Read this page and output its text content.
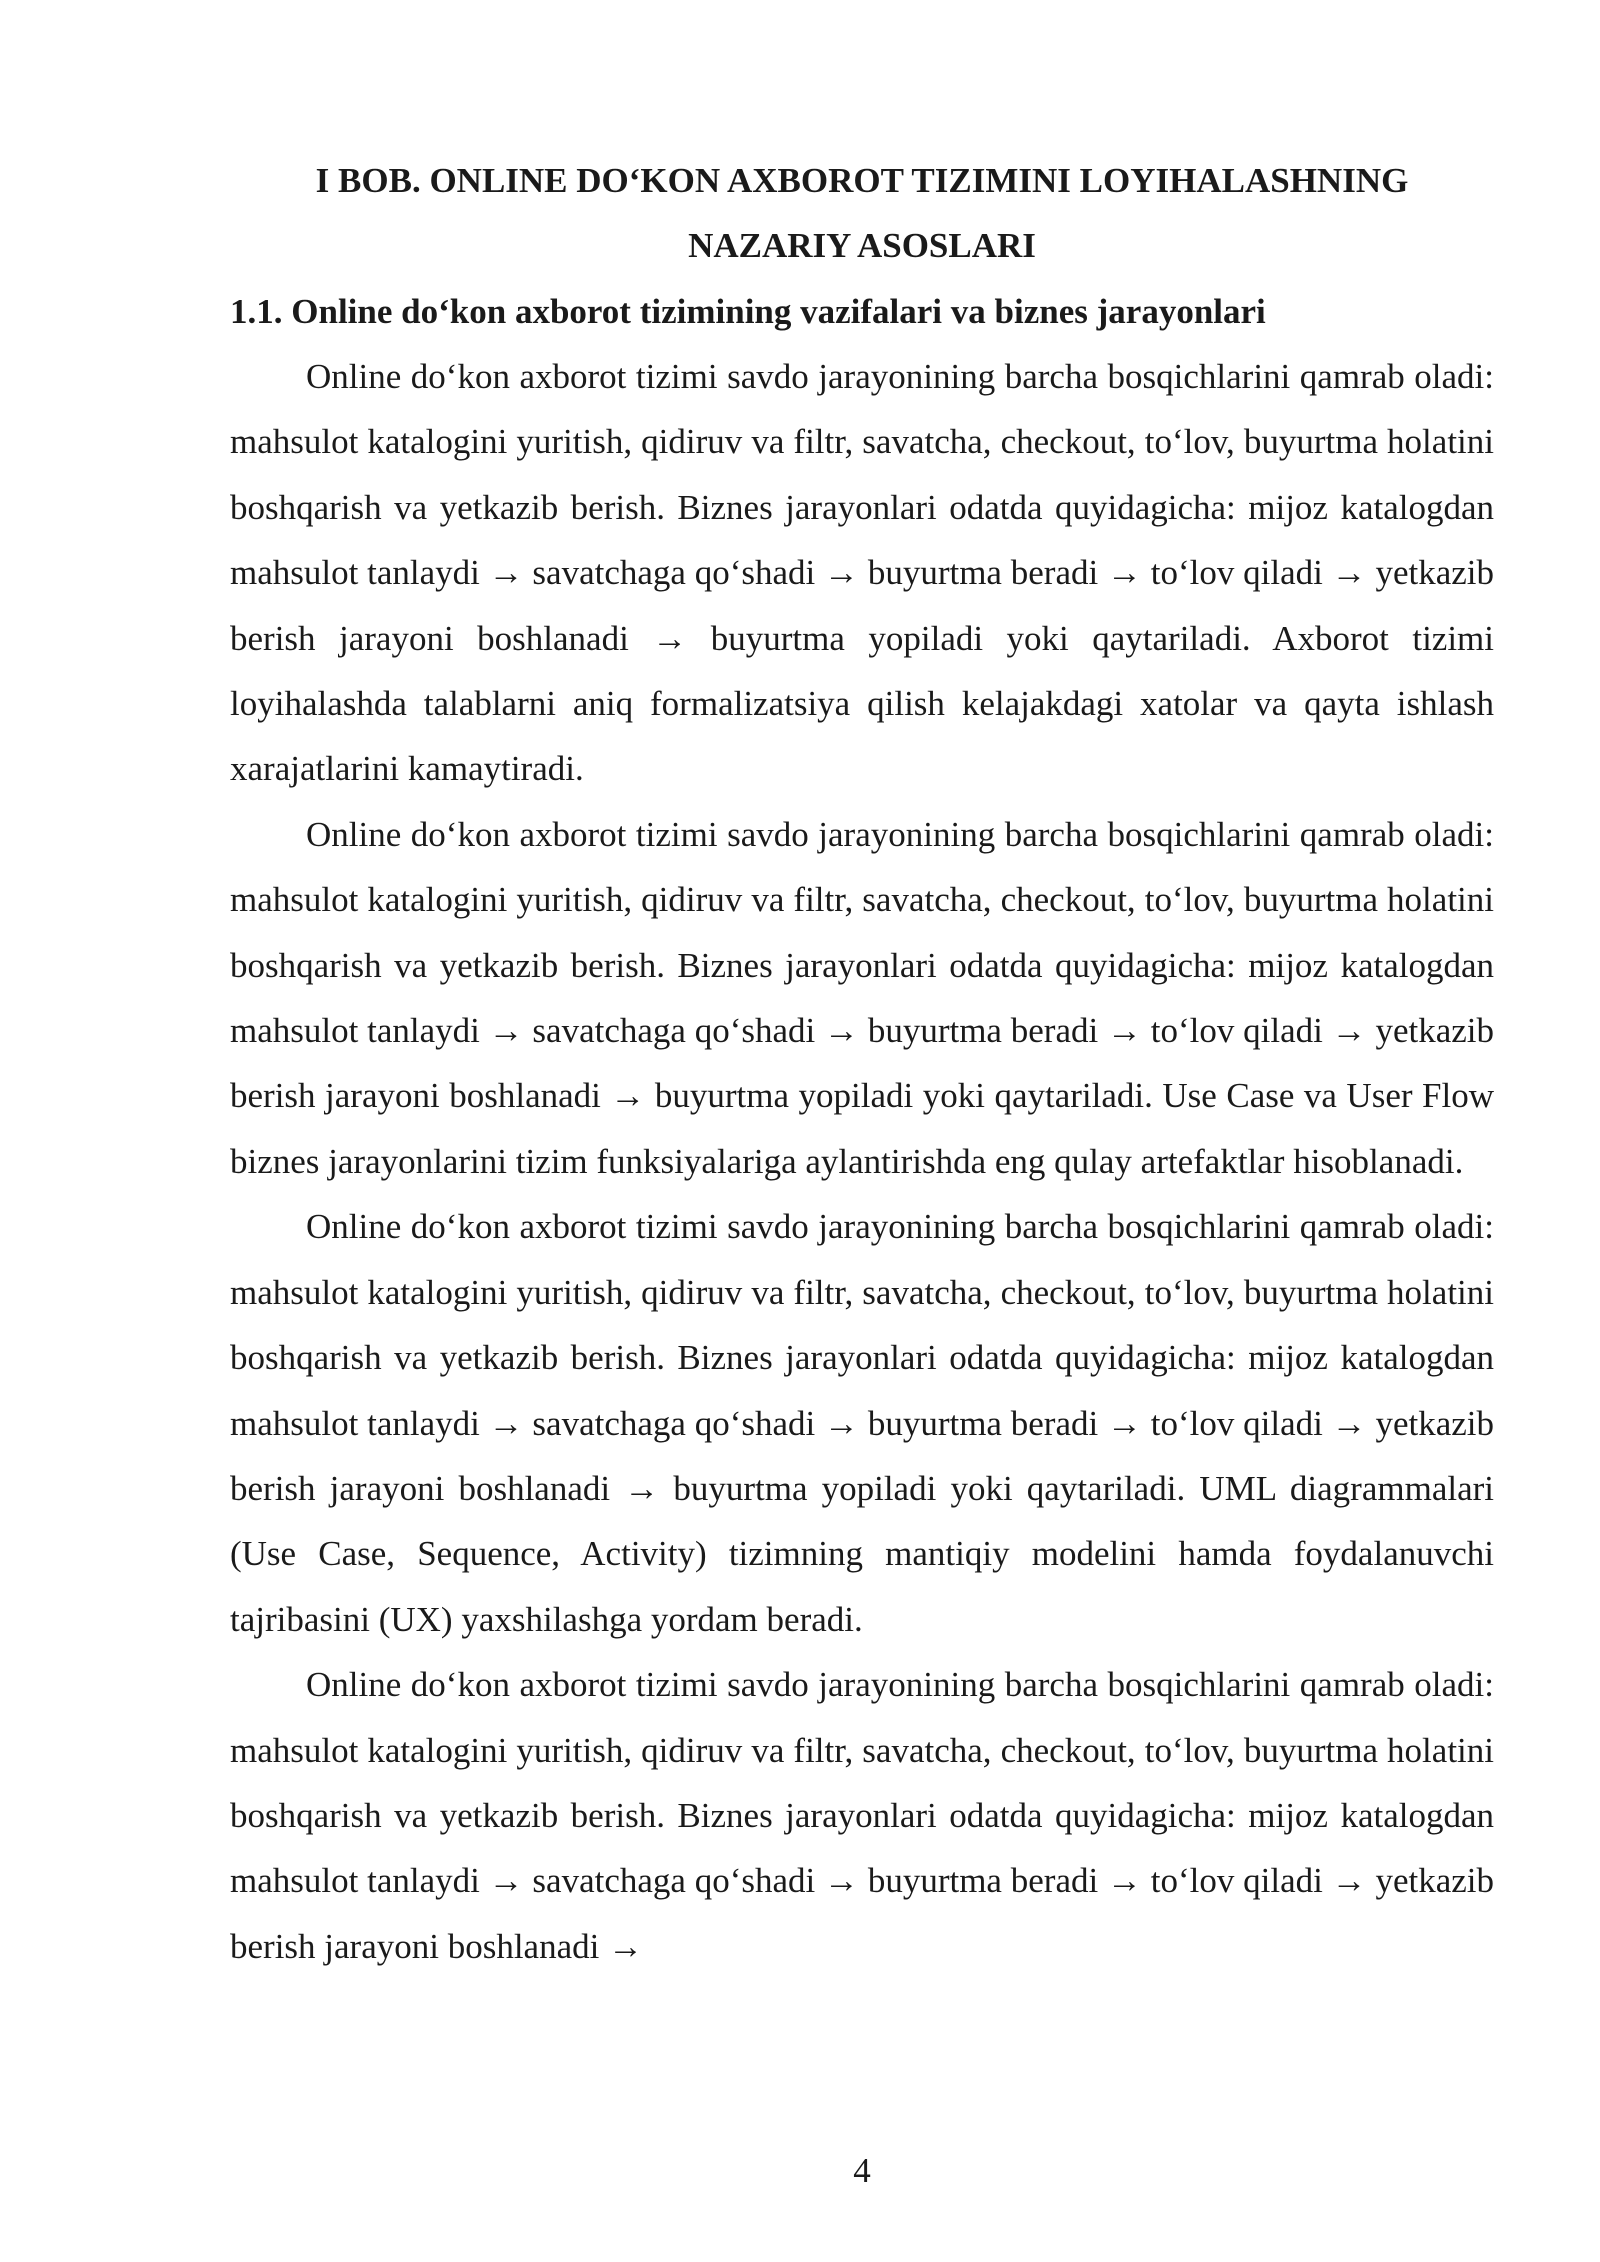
I BOB. ONLINE DO‘KON AXBOROT TIZIMINI LOYIHALASHNING NAZARIY ASOSLARI
1.1. Online do‘kon axborot tizimining vazifalari va biznes jarayonlari

Online do‘kon axborot tizimi savdo jarayonining barcha bosqichlarini qamrab oladi: mahsulot katalogini yuritish, qidiruv va filtr, savatcha, checkout, to‘lov, buyurtma holatini boshqarish va yetkazib berish. Biznes jarayonlari odatda quyidagicha: mijoz katalogdan mahsulot tanlaydi → savatchaga qo‘shadi → buyurtma beradi → to‘lov qiladi → yetkazib berish jarayoni boshlanadi → buyurtma yopiladi yoki qaytariladi. Axborot tizimi loyihalashda talablarni aniq formalizatsiya qilish kelajakdagi xatolar va qayta ishlash xarajatlarini kamaytiradi.

Online do‘kon axborot tizimi savdo jarayonining barcha bosqichlarini qamrab oladi: mahsulot katalogini yuritish, qidiruv va filtr, savatcha, checkout, to‘lov, buyurtma holatini boshqarish va yetkazib berish. Biznes jarayonlari odatda quyidagicha: mijoz katalogdan mahsulot tanlaydi → savatchaga qo‘shadi → buyurtma beradi → to‘lov qiladi → yetkazib berish jarayoni boshlanadi → buyurtma yopiladi yoki qaytariladi. Use Case va User Flow biznes jarayonlarini tizim funksiyalariga aylantirishda eng qulay artefaktlar hisoblanadi.

Online do‘kon axborot tizimi savdo jarayonining barcha bosqichlarini qamrab oladi: mahsulot katalogini yuritish, qidiruv va filtr, savatcha, checkout, to‘lov, buyurtma holatini boshqarish va yetkazib berish. Biznes jarayonlari odatda quyidagicha: mijoz katalogdan mahsulot tanlaydi → savatchaga qo‘shadi → buyurtma beradi → to‘lov qiladi → yetkazib berish jarayoni boshlanadi → buyurtma yopiladi yoki qaytariladi. UML diagrammalari (Use Case, Sequence, Activity) tizimning mantiqiy modelini hamda foydalanuvchi tajribasini (UX) yaxshilashga yordam beradi.

Online do‘kon axborot tizimi savdo jarayonining barcha bosqichlarini qamrab oladi: mahsulot katalogini yuritish, qidiruv va filtr, savatcha, checkout, to‘lov, buyurtma holatini boshqarish va yetkazib berish. Biznes jarayonlari odatda quyidagicha: mijoz katalogdan mahsulot tanlaydi → savatchaga qo‘shadi → buyurtma beradi → to‘lov qiladi → yetkazib berish jarayoni boshlanadi →

4
